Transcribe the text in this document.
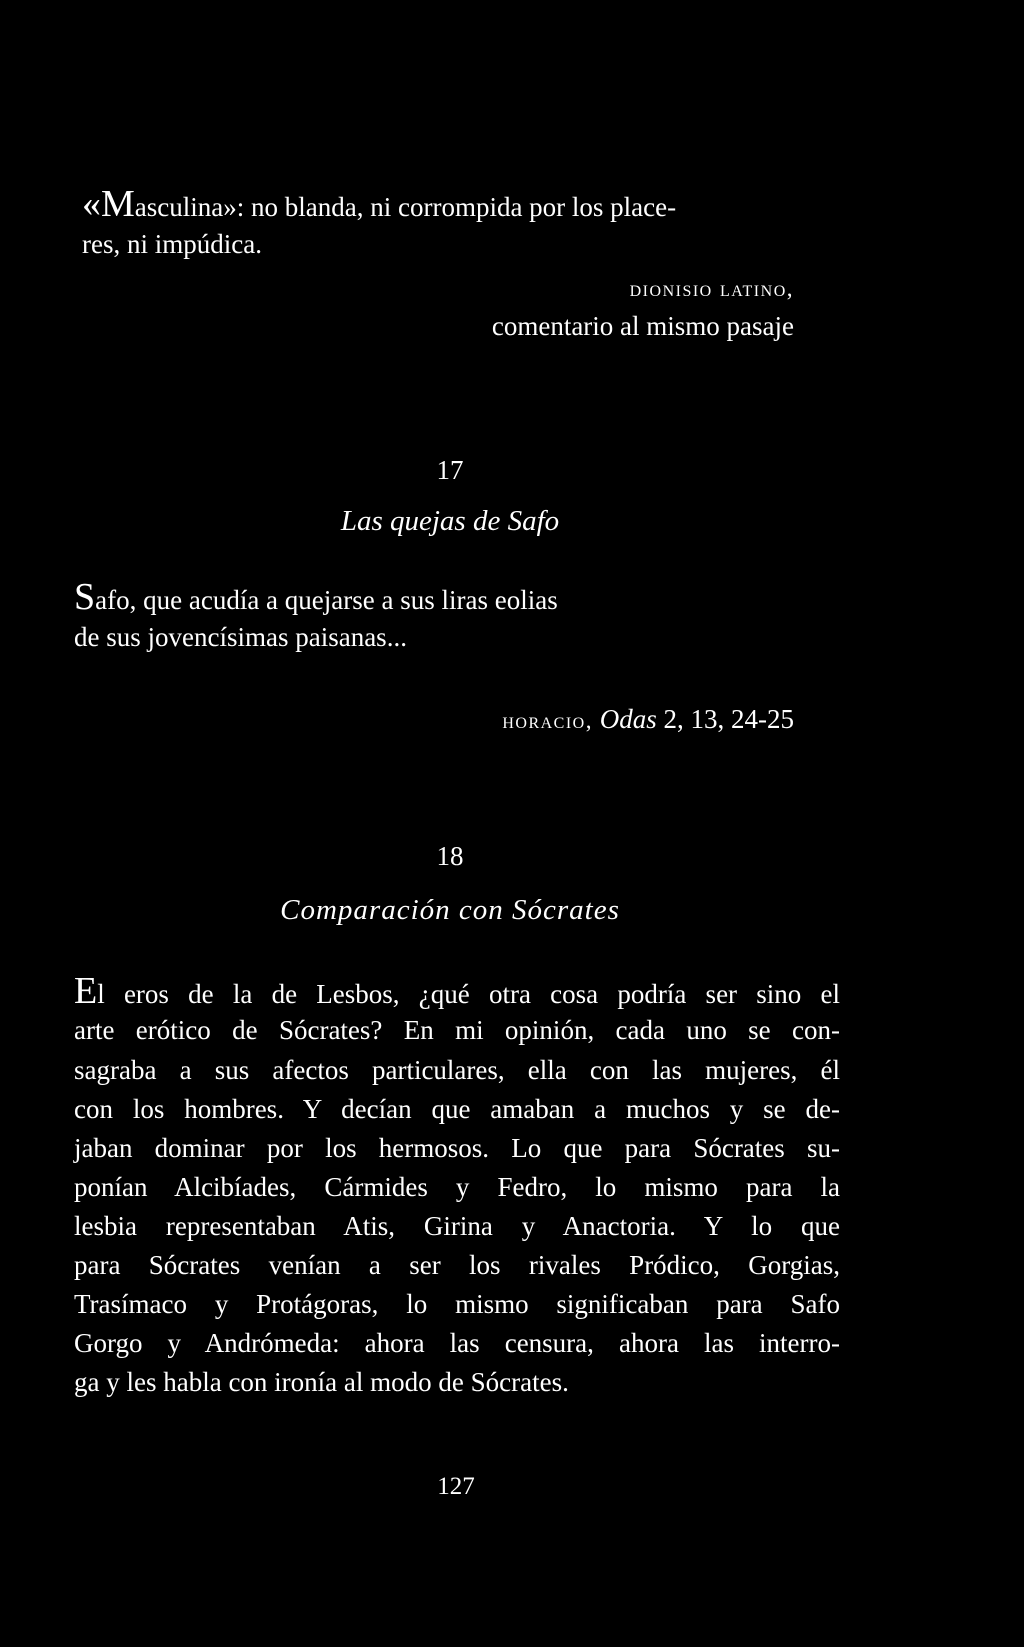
«Masculina»: no blanda, ni corrompida por los place-
res, ni impúdica.
dionisio latino,
comentario al mismo pasaje
17
Las quejas de Safo
Safo, que acudía a quejarse a sus liras eolias
de sus jovencísimas paisanas...
horacio, Odas 2, 13, 24-25
18
Comparación con Sócrates
El eros de la de Lesbos, ¿qué otra cosa podría ser sino el
arte erótico de Sócrates? En mi opinión, cada uno se con-
sagraba a sus afectos particulares, ella con las mujeres, él
con los hombres. Y decían que amaban a muchos y se de-
jaban dominar por los hermosos. Lo que para Sócrates su-
ponían Alcibíades, Cármides y Fedro, lo mismo para la
lesbia representaban Atis, Girina y Anactoria. Y lo que
para Sócrates venían a ser los rivales Pródico, Gorgias,
Trasímaco y Protágoras, lo mismo significaban para Safo
Gorgo y Andrómeda: ahora las censura, ahora las interro-
ga y les habla con ironía al modo de Sócrates.
127
